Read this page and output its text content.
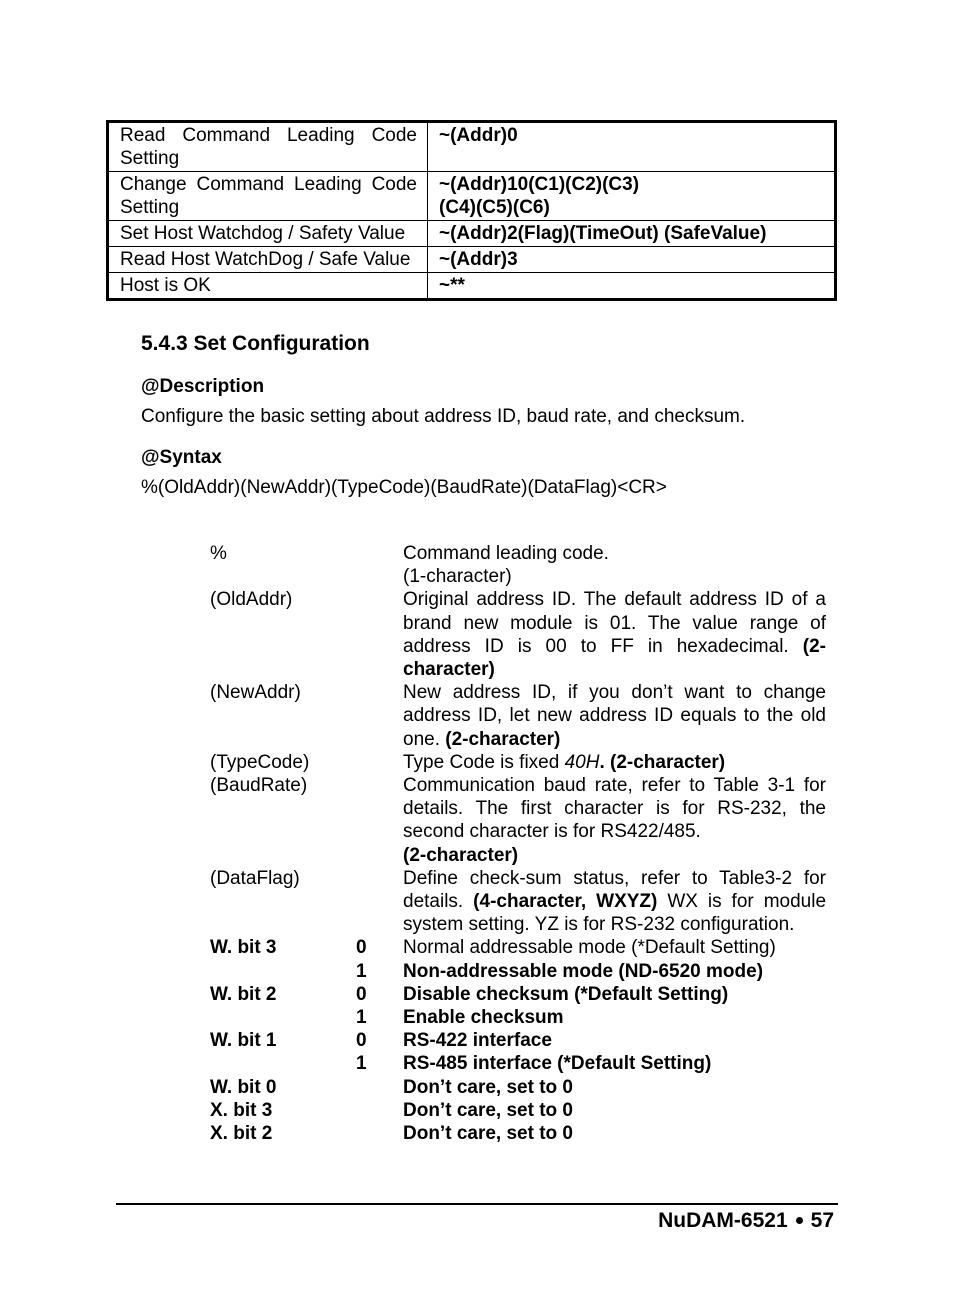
Read Command Leading Code Setting	~(Addr)0
Change Command Leading Code Setting	~(Addr)10(C1)(C2)(C3)
(C4)(C5)(C6)

Set Host Watchdog / Safety Value	~(Addr)2(Flag)(TimeOut) (SafeValue)
Read Host WatchDog / Safe Value	~(Addr)3
Host is OK	~**
5.4.3 Set Configuration
@Description
Configure the basic setting about address ID, baud rate, and checksum.
@Syntax
%(OldAddr)(NewAddr)(TypeCode)(BaudRate)(DataFlag)<CR>
%	Command leading code.
(1-character)
(OldAddr)	Original address ID. The default address ID of a brand new module is 01. The value range of address ID is 00 to FF in hexadecimal. (2-character)
(NewAddr)	New address ID, if you don’t want to change address ID, let new address ID equals to the old one. (2-character)
(TypeCode)	Type Code is fixed 40H. (2-character)
(BaudRate)	Communication baud rate, refer to Table 3-1 for details. The first character is for RS-232, the second character is for RS422/485.
(2-character)
(DataFlag)	Define check-sum status, refer to Table3-2 for details. (4-character, WXYZ) WX is for module system setting. YZ is for RS-232 configuration.
W. bit 3	0 Normal addressable mode (*Default Setting)
1 Non-addressable mode (ND-6520 mode)
W. bit 2	0 Disable checksum (*Default Setting)
1 Enable checksum
W. bit 1	0 RS-422 interface
1 RS-485 interface (*Default Setting)
W. bit 0	Don’t care, set to 0
X. bit 3	Don’t care, set to 0
X. bit 2	Don’t care, set to 0
NuDAM-6521 57
